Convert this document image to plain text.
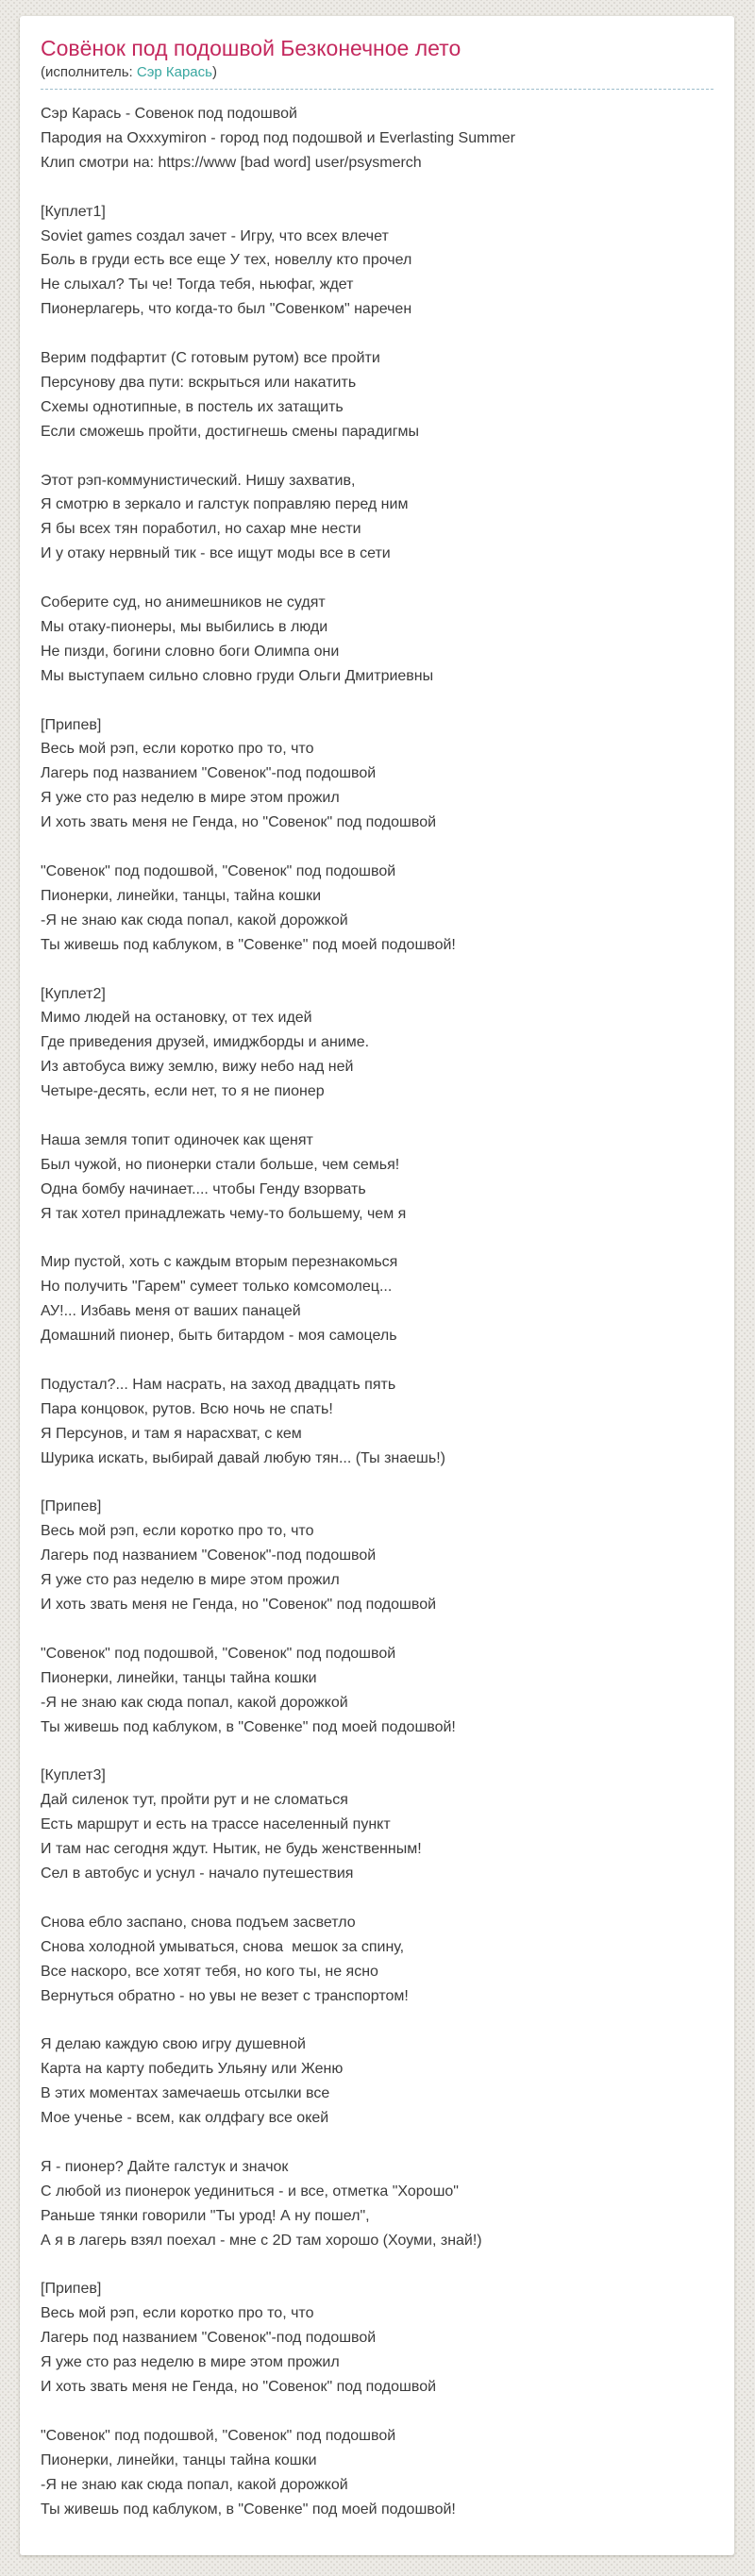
Совёнок под подошвой Безконечное лето
(исполнитель: Сэр Карась)
Сэр Карась - Совенок под подошвой
Пародия на Oxxxymiron - город под подошвой и Everlasting Summer
Клип смотри на: https://www [bad word] user/psysmerch
[Куплет1]
Soviet games создал зачет - Игру, что всех влечет
Боль в груди есть все еще У тех, новеллу кто прочел
Не слыхал? Ты че! Тогда тебя, ньюфаг, ждет
Пионерлагерь, что когда-то был "Совенком" наречен
Верим подфартит (С готовым рутом) все пройти
Персунову два пути: вскрыться или накатить
Схемы однотипные, в постель их затащить
Если сможешь пройти, достигнешь смены парадигмы
Этот рэп-коммунистический. Нишу захватив,
Я смотрю в зеркало и галстук поправляю перед ним
Я бы всех тян поработил, но сахар мне нести
И у отаку нервный тик - все ищут моды все в сети
Соберите суд, но анимешников не судят
Мы отаку-пионеры, мы выбились в люди
Не пизди, богини словно боги Олимпа они
Мы выступаем сильно словно груди Ольги Дмитриевны
[Припев]
Весь мой рэп, если коротко про то, что
Лагерь под названием "Совенок"-под подошвой
Я уже сто раз неделю в мире этом прожил
И хоть звать меня не Генда, но "Совенок" под подошвой
"Совенок" под подошвой, "Совенок" под подошвой
Пионерки, линейки, танцы, тайна кошки
-Я не знаю как сюда попал, какой дорожкой
Ты живешь под каблуком, в "Совенке" под моей подошвой!
[Куплет2]
Мимо людей на остановку, от тех идей
Где приведения друзей, имиджборды и аниме.
Из автобуса вижу землю, вижу небо над ней
Четыре-десять, если нет, то я не пионер
Наша земля топит одиночек как щенят
Был чужой, но пионерки стали больше, чем семья!
Одна бомбу начинает.... чтобы Генду взорвать
Я так хотел принадлежать чему-то большему, чем я
Мир пустой, хоть с каждым вторым перезнакомься
Но получить "Гарем" сумеет только комсомолец...
АУ!... Избавь меня от ваших панацей
Домашний пионер, быть битардом - моя самоцель
Подустал?... Нам насрать, на заход двадцать пять
Пара концовок, рутов. Всю ночь не спать!
Я Персунов, и там я нарасхват, с кем
Шурика искать, выбирай давай любую тян... (Ты знаешь!)
[Припев]
Весь мой рэп, если коротко про то, что
Лагерь под названием "Совенок"-под подошвой
Я уже сто раз неделю в мире этом прожил
И хоть звать меня не Генда, но "Совенок" под подошвой
"Совенок" под подошвой, "Совенок" под подошвой
Пионерки, линейки, танцы тайна кошки
-Я не знаю как сюда попал, какой дорожкой
Ты живешь под каблуком, в "Совенке" под моей подошвой!
[Куплет3]
Дай силенок тут, пройти рут и не сломаться
Есть маршрут и есть на трассе населенный пункт
И там нас сегодня ждут. Нытик, не будь женственным!
Сел в автобус и уснул - начало путешествия
Снова ебло заспано, снова подъем засветло
Снова холодной умываться, снова  мешок за спину,
Все наскоро, все хотят тебя, но кого ты, не ясно
Вернуться обратно - но увы не везет с транспортом!
Я делаю каждую свою игру душевной
Карта на карту победить Ульяну или Женю
В этих моментах замечаешь отсылки все
Мое ученье - всем, как олдфагу все окей
Я - пионер? Дайте галстук и значок
С любой из пионерок уединиться - и все, отметка "Хорошо"
Раньше тянки говорили "Ты урод! А ну пошел",
А я в лагерь взял поехал - мне с 2D там хорошо (Хоуми, знай!)
[Припев]
Весь мой рэп, если коротко про то, что
Лагерь под названием "Совенок"-под подошвой
Я уже сто раз неделю в мире этом прожил
И хоть звать меня не Генда, но "Совенок" под подошвой
"Совенок" под подошвой, "Совенок" под подошвой
Пионерки, линейки, танцы тайна кошки
-Я не знаю как сюда попал, какой дорожкой
Ты живешь под каблуком, в "Совенке" под моей подошвой!
